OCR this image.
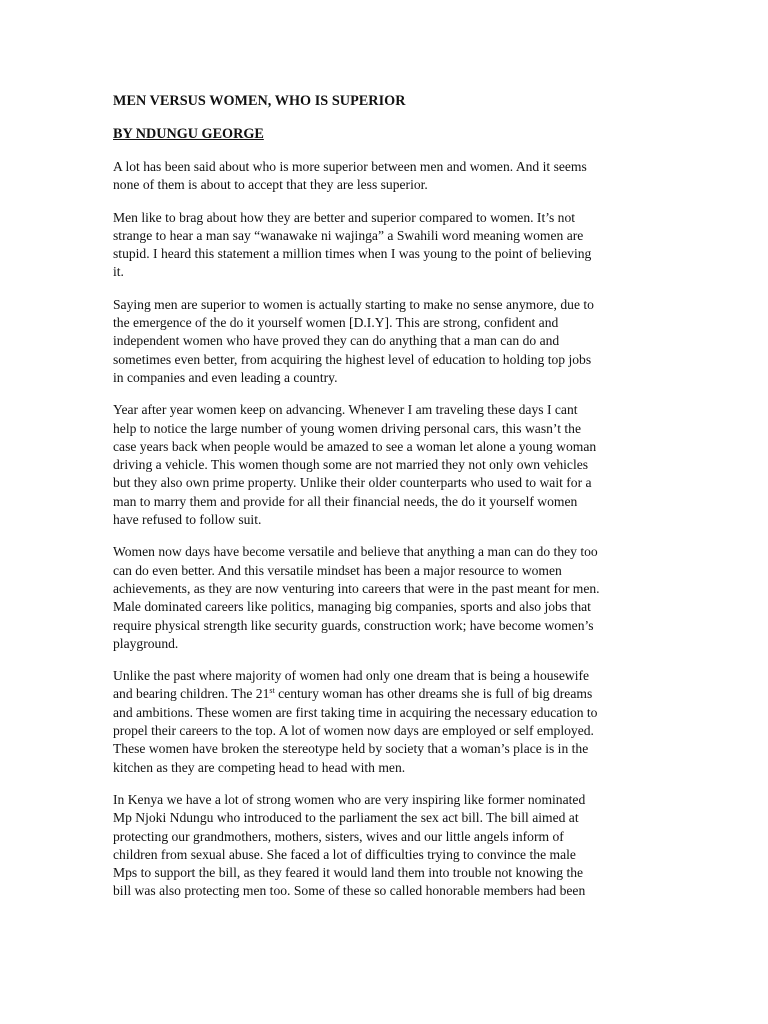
MEN VERSUS WOMEN, WHO IS SUPERIOR

BY NDUNGU GEORGE

A lot has been said about who is more superior between men and women. And it seems
none of them is about to accept that they are less superior.

Men like to brag about how they are better and superior compared to women. It’s not
strange to hear a man say “wanawake ni wajinga” a Swahili word meaning women are
stupid. I heard this statement a million times when I was young to the point of believing
it.

Saying men are superior to women is actually starting to make no sense anymore, due to
the emergence of the do it yourself women [D.I.Y]. This are strong, confident and
independent women who have proved they can do anything that a man can do and
sometimes even better, from acquiring the highest level of education to holding top jobs
in companies and even leading a country.

Year after year women keep on advancing. Whenever I am traveling these days I cant
help to notice the large number of young women driving personal cars, this wasn’t the
case years back when people would be amazed to see a woman let alone a young woman
driving a vehicle. This women though some are not married they not only own vehicles
but they also own prime property. Unlike their older counterparts who used to wait for a
man to marry them and provide for all their financial needs, the do it yourself women
have refused to follow suit.

Women now days have become versatile and believe that anything a man can do they too
can do even better. And this versatile mindset has been a major resource to women
achievements, as they are now venturing into careers that were in the past meant for men.
Male dominated careers like politics, managing big companies, sports and also jobs that
require physical strength like security guards, construction work; have become women’s
playground.

Unlike the past where majority of women had only one dream that is being a housewife
and bearing children. The 21st century woman has other dreams she is full of big dreams
and ambitions. These women are first taking time in acquiring the necessary education to
propel their careers to the top. A lot of women now days are employed or self employed.
These women have broken the stereotype held by society that a woman’s place is in the
kitchen as they are competing head to head with men.

In Kenya we have a lot of strong women who are very inspiring like former nominated
Mp Njoki Ndungu who introduced to the parliament the sex act bill. The bill aimed at
protecting our grandmothers, mothers, sisters, wives and our little angels inform of
children from sexual abuse. She faced a lot of difficulties trying to convince the male
Mps to support the bill, as they feared it would land them into trouble not knowing the
bill was also protecting men too. Some of these so called honorable members had been
